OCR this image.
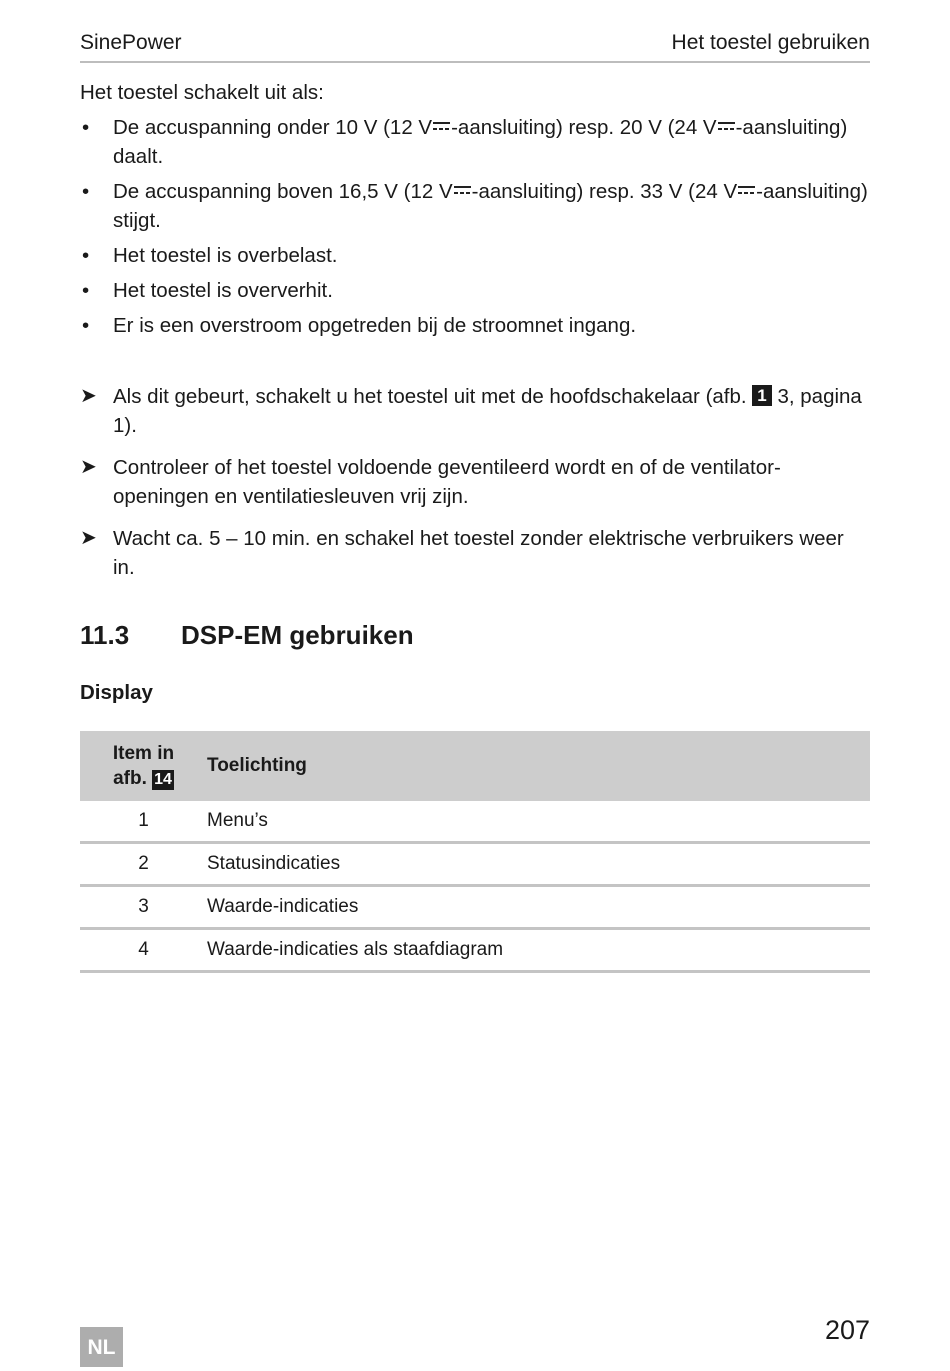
SinePower	Het toestel gebruiken

Het toestel schakelt uit als:

• De accuspanning onder 10 V (12 V -aansluiting) resp. 20 V (24 V -aansluiting) daalt.
• De accuspanning boven 16,5 V (12 V -aansluiting) resp. 33 V (24 V -aansluiting) stijgt.
• Het toestel is overbelast.
• Het toestel is oververhit.
• Er is een overstroom opgetreden bij de stroomnet ingang.
➤ Als dit gebeurt, schakelt u het toestel uit met de hoofdschakelaar (afb. 1 3, pagina 1).
➤ Controleer of het toestel voldoende geventileerd wordt en of de ventilator-openingen en ventilatiesleuven vrij zijn.
➤ Wacht ca. 5 – 10 min. en schakel het toestel zonder elektrische verbruikers weer in.
11.3	DSP-EM gebruiken
Display
Item in
afb. 14	Toelichting
1	Menu’s
2	Statusindicaties
3	Waarde-indicaties
4	Waarde-indicaties als staafdiagram
207
NL
